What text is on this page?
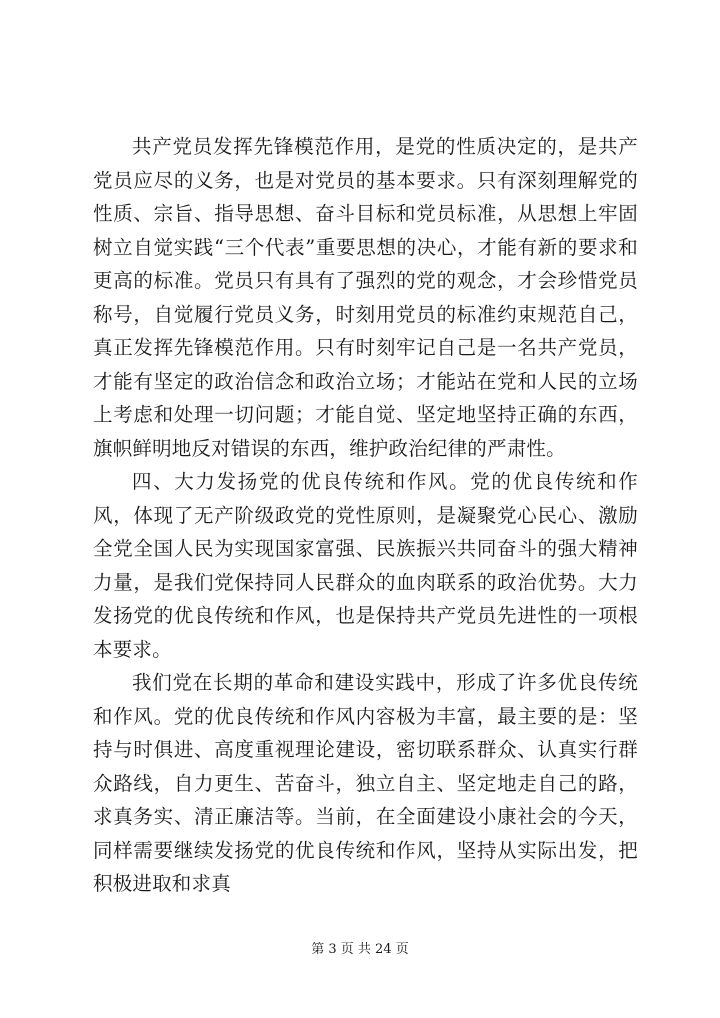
共产党员发挥先锋模范作用，是党的性质决定的，是共产党员应尽的义务，也是对党员的基本要求。只有深刻理解党的性质、宗旨、指导思想、奋斗目标和党员标准，从思想上牢固树立自觉实践“三个代表”重要思想的决心，才能有新的要求和更高的标准。党员只有具有了强烈的党的观念，才会珍惜党员称号，自觉履行党员义务，时刻用党员的标准约束规范自己，真正发挥先锋模范作用。只有时刻牢记自己是一名共产党员，才能有坚定的政治信念和政治立场；才能站在党和人民的立场上考虑和处理一切问题；才能自觉、坚定地坚持正确的东西，旗帜鲜明地反对错误的东西，维护政治纪律的严肃性。

四、大力发扬党的优良传统和作风。党的优良传统和作风，体现了无产阶级政党的党性原则，是凝聚党心民心、激励全党全国人民为实现国家富强、民族振兴共同奋斗的强大精神力量，是我们党保持同人民群众的血肉联系的政治优势。大力发扬党的优良传统和作风，也是保持共产党员先进性的一项根本要求。

我们党在长期的革命和建设实践中，形成了许多优良传统和作风。党的优良传统和作风内容极为丰富，最主要的是：坚持与时俱进、高度重视理论建设，密切联系群众、认真实行群众路线，自力更生、苦奋斗，独立自主、坚定地走自己的路，求真务实、清正廉洁等。当前，在全面建设小康社会的今天，同样需要继续发扬党的优良传统和作风，坚持从实际出发，把积极进取和求真

第 3 页 共 24 页
